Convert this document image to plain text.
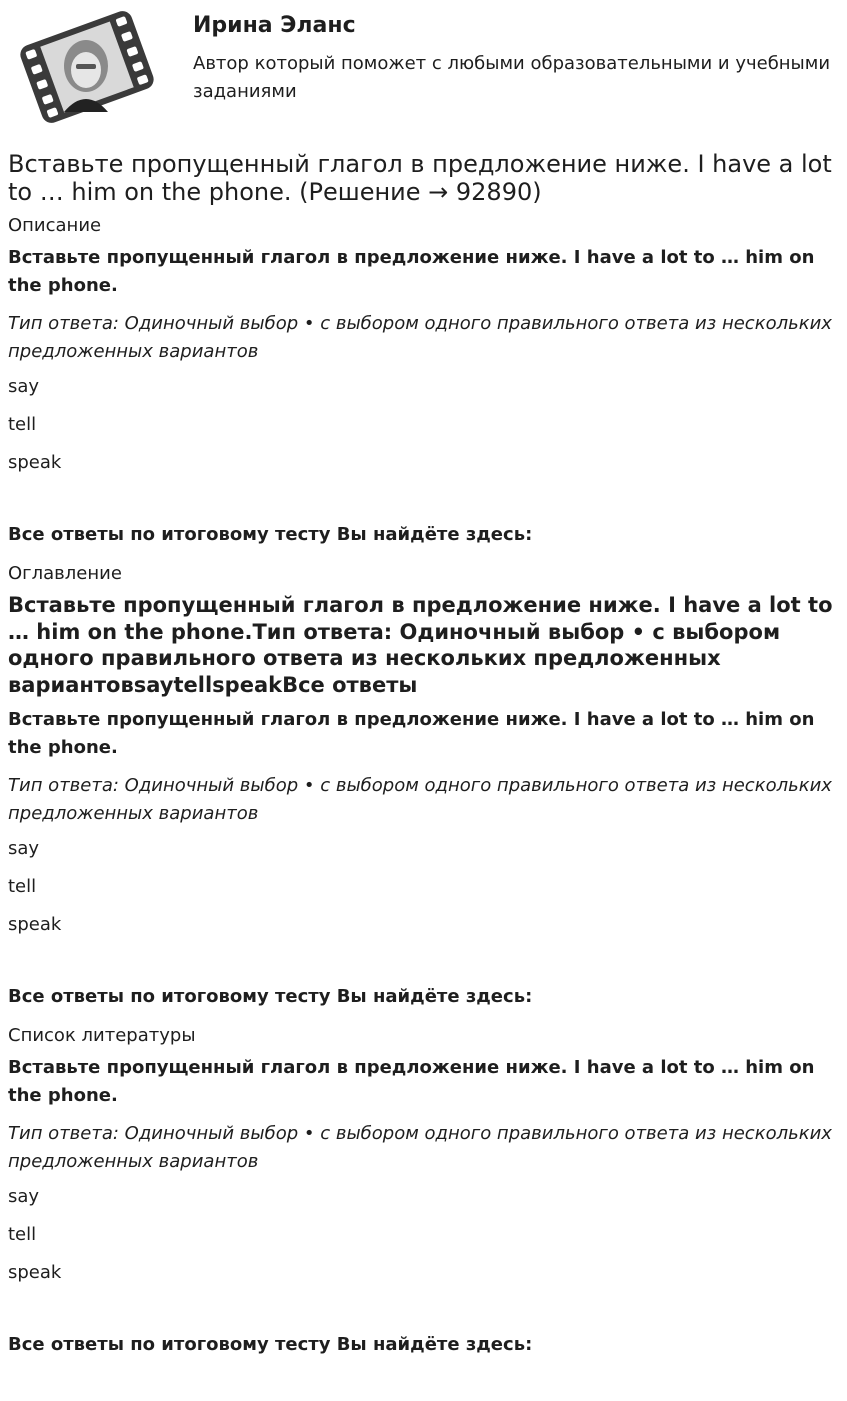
Ирина Эланс

Автор который поможет с любыми образовательными и учебными заданиями

Вставьте пропущенный глагол в предложение ниже. I have a lot to … him on the phone. (Решение → 92890)
Описание

Вставьте пропущенный глагол в предложение ниже. I have a lot to … him on the phone.

Тип ответа: Одиночный выбор • с выбором одного правильного ответа из нескольких предложенных вариантов

say

tell

speak

Все ответы по итоговому тесту Вы найдёте здесь:

Оглавление
Вставьте пропущенный глагол в предложение ниже. I have a lot to … him on the phone.Тип ответа: Одиночный выбор • с выбором одного правильного ответа из нескольких предложенных вариантовsaytellspeakВсе ответы

Вставьте пропущенный глагол в предложение ниже. I have a lot to … him on the phone.

Тип ответа: Одиночный выбор • с выбором одного правильного ответа из нескольких предложенных вариантов

say

tell

speak

Все ответы по итоговому тесту Вы найдёте здесь:

Список литературы

Вставьте пропущенный глагол в предложение ниже. I have a lot to … him on the phone.

Тип ответа: Одиночный выбор • с выбором одного правильного ответа из нескольких предложенных вариантов

say

tell

speak

Все ответы по итоговому тесту Вы найдёте здесь:
